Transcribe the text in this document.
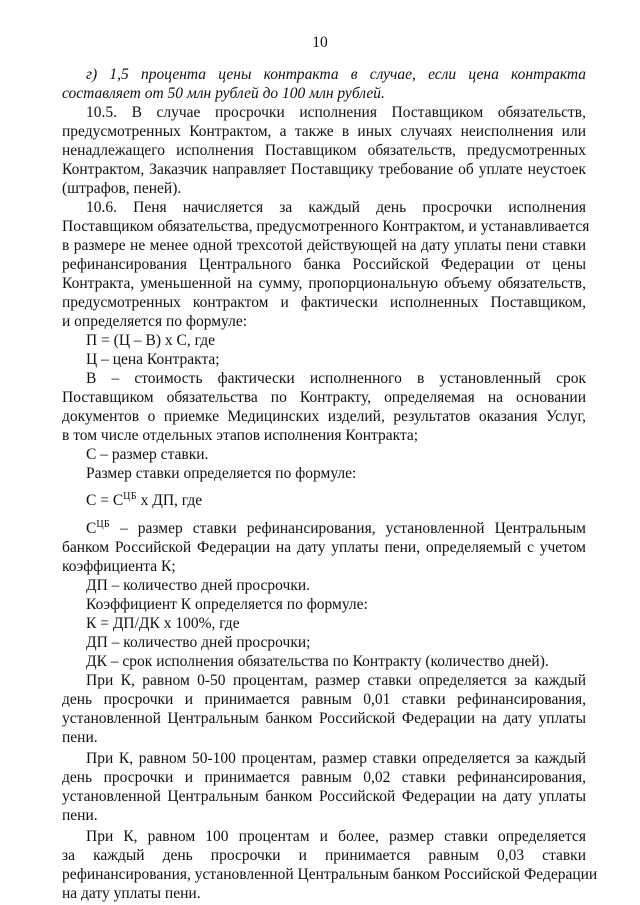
10
г) 1,5 процента цены контракта в случае, если цена контракта
составляет от 50 млн рублей до 100 млн рублей.
10.5. В случае просрочки исполнения Поставщиком обязательств,
предусмотренных Контрактом, а также в иных случаях неисполнения или
ненадлежащего исполнения Поставщиком обязательств, предусмотренных
Контрактом, Заказчик направляет Поставщику требование об уплате неустоек
(штрафов, пеней).
10.6. Пеня начисляется за каждый день просрочки исполнения
Поставщиком обязательства, предусмотренного Контрактом, и устанавливается
в размере не менее одной трехсотой действующей на дату уплаты пени ставки
рефинансирования Центрального банка Российской Федерации от цены
Контракта, уменьшенной на сумму, пропорциональную объему обязательств,
предусмотренных контрактом и фактически исполненных Поставщиком,
и определяется по формуле:
П = (Ц – В) х С, где
Ц – цена Контракта;
В – стоимость фактически исполненного в установленный срок
Поставщиком обязательства по Контракту, определяемая на основании
документов о приемке Медицинских изделий, результатов оказания Услуг,
в том числе отдельных этапов исполнения Контракта;
С – размер ставки.
Размер ставки определяется по формуле:
$С = С^{ЦБ}$ х ДП, где
$С^{ЦБ}$ – размер ставки рефинансирования, установленной Центральным
банком Российской Федерации на дату уплаты пени, определяемый с учетом
коэффициента К;
ДП – количество дней просрочки.
Коэффициент К определяется по формуле:
К = ДП/ДК х 100%, где
ДП – количество дней просрочки;
ДК – срок исполнения обязательства по Контракту (количество дней).
При К, равном 0-50 процентам, размер ставки определяется за каждый
день просрочки и принимается равным 0,01 ставки рефинансирования,
установленной Центральным банком Российской Федерации на дату уплаты
пени.
При К, равном 50-100 процентам, размер ставки определяется за каждый
день просрочки и принимается равным 0,02 ставки рефинансирования,
установленной Центральным банком Российской Федерации на дату уплаты
пени.
При К, равном 100 процентам и более, размер ставки определяется
за каждый день просрочки и принимается равным 0,03 ставки
рефинансирования, установленной Центральным банком Российской Федерации
на дату уплаты пени.
